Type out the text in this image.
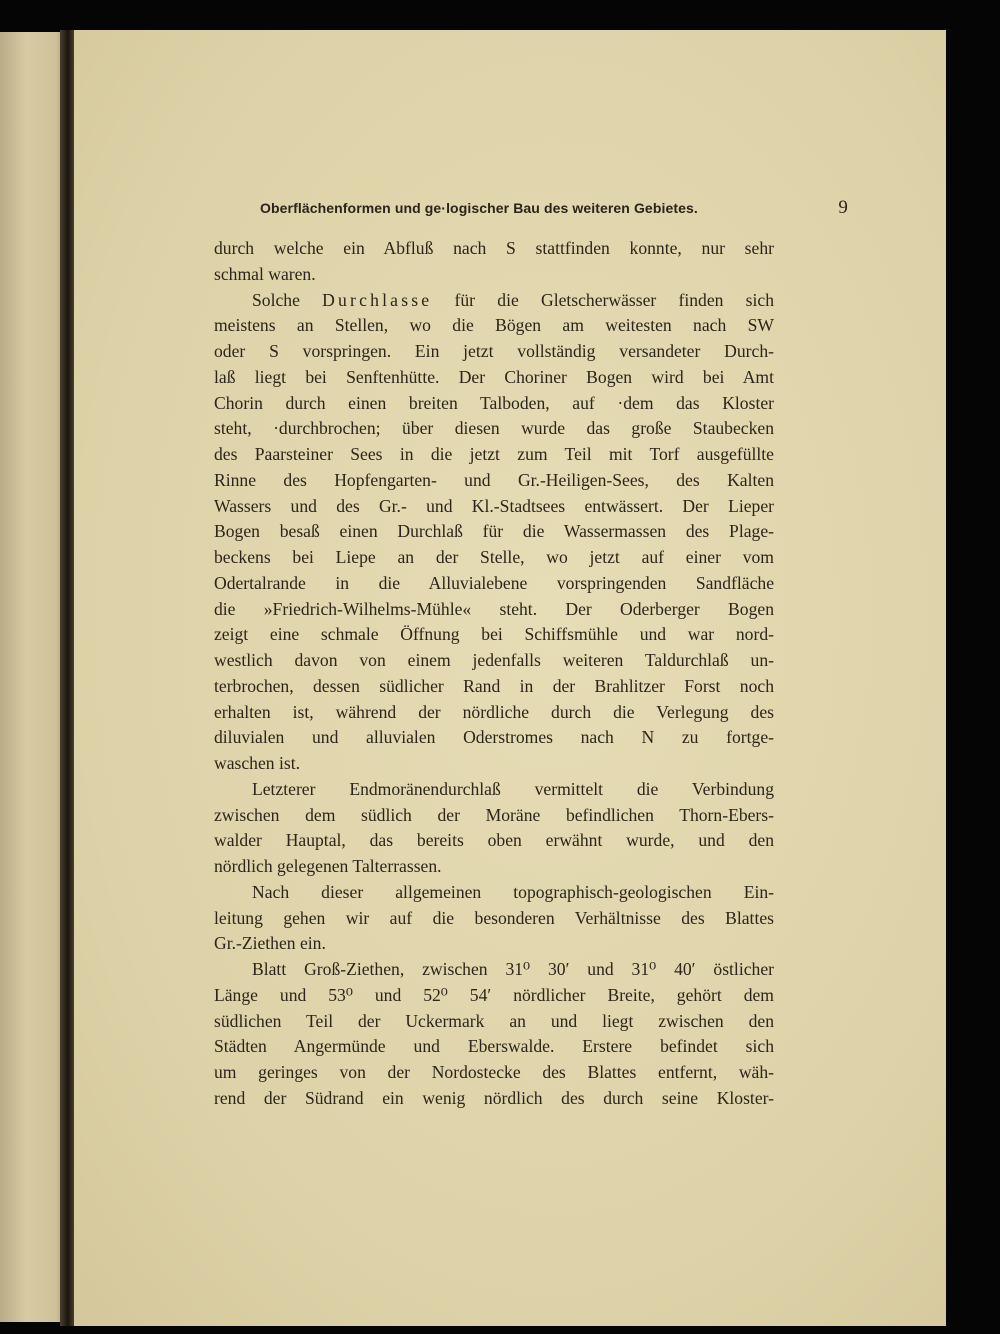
Oberflächenformen und ge·logischer Bau des weiteren Gebietes.	9
durch welche ein Abfluß nach S stattfinden konnte, nur sehr
schmal waren.
Solche Durchlasse für die Gletscherwässer finden sich
meistens an Stellen, wo die Bögen am weitesten nach SW
oder S vorspringen. Ein jetzt vollständig versandeter Durch-
laß liegt bei Senftenhütte. Der Choriner Bogen wird bei Amt
Chorin durch einen breiten Talboden, auf ·dem das Kloster
steht, ·durchbrochen; über diesen wurde das große Staubecken
des Paarsteiner Sees in die jetzt zum Teil mit Torf ausgefüllte
Rinne des Hopfengarten- und Gr.-Heiligen-Sees, des Kalten
Wassers und des Gr.- und Kl.-Stadtsees entwässert. Der Lieper
Bogen besaß einen Durchlaß für die Wassermassen des Plage-
beckens bei Liepe an der Stelle, wo jetzt auf einer vom
Odertalrande in die Alluvialebene vorspringenden Sandfläche
die »Friedrich-Wilhelms-Mühle« steht. Der Oderberger Bogen
zeigt eine schmale Öffnung bei Schiffsmühle und war nord-
westlich davon von einem jedenfalls weiteren Taldurchlaß un-
terbrochen, dessen südlicher Rand in der Brahlitzer Forst noch
erhalten ist, während der nördliche durch die Verlegung des
diluvialen und alluvialen Oderstromes nach N zu fortge-
waschen ist.
Letzterer Endmoränendurchlaß vermittelt die Verbindung
zwischen dem südlich der Moräne befindlichen Thorn-Ebers-
walder Hauptal, das bereits oben erwähnt wurde, und den
nördlich gelegenen Talterrassen.
Nach dieser allgemeinen topographisch-geologischen Ein-
leitung gehen wir auf die besonderen Verhältnisse des Blattes
Gr.-Ziethen ein.
Blatt Groß-Ziethen, zwischen 31⁰ 30′ und 31⁰ 40′ östlicher
Länge und 53⁰ und 52⁰ 54′ nördlicher Breite, gehört dem
südlichen Teil der Uckermark an und liegt zwischen den
Städten Angermünde und Eberswalde. Erstere befindet sich
um geringes von der Nordostecke des Blattes entfernt, wäh-
rend der Südrand ein wenig nördlich des durch seine Kloster-
